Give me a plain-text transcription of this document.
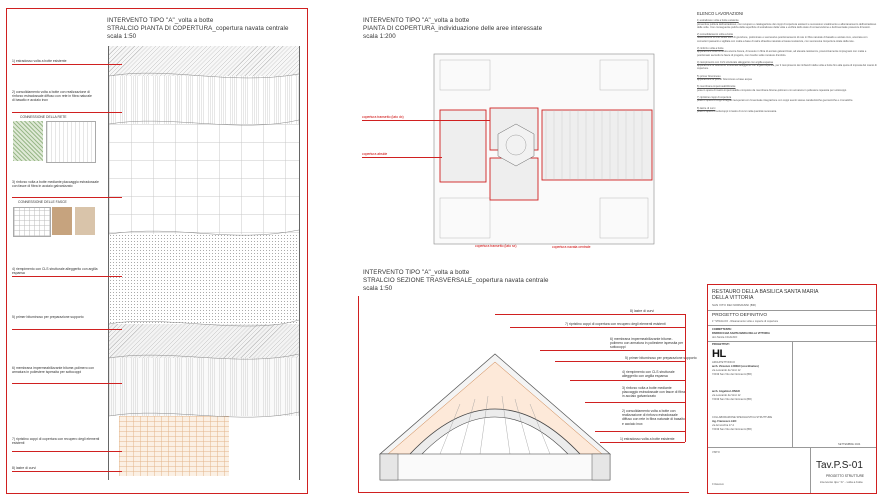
INTERVENTO TIPO "A"_volta a botte
STRALCIO PIANTA DI COPERTURA_copertura navata centrale
scala 1:50
1) estradosso volta a botte esistente
2) consolidamento volta a botte con realizzazione di rinforzo estradossale diffuso con rete in fibra naturale di basalto e acciaio inox
CONNESSIONE DELLA RETE
3) rinforzo volta a botte mediante placcaggio estradossale con fasce di fibra in acciaio galvanizzato
CONNESSIONE DELLE FASCE
4) riempimento con CLS strutturale alleggerito con argilla espansa
5) primer bituminoso per preparazione supporto
6) membrana impermeabilizzante bitume-polimero con armatura in poliestere ispessita per sottocoppi
7) ripristino coppi di copertura con recupero degli elementi esistenti
8) lastre di curvi
INTERVENTO TIPO "A"_volta a botte
PIANTA DI COPERTURA_individuazione delle aree interessate
scala 1:200
copertura transetto (lato dx)
copertura abside
copertura transetto (lato sx)	copertura navata centrale
INTERVENTO TIPO "A"_volta a botte
STRALCIO SEZIONE TRASVERSALE_copertura navata centrale
scala 1:50
8) lastre di curvi
7) ripristino coppi di copertura con recupero degli elementi esistenti
6) membrana impermeabilizzante bitume-polimero con armatura in poliestere ispessita per sottocoppi
5) primer bituminoso per preparazione supporto
4) riempimento con CLS strutturale alleggerito con argilla espansa
3) rinforzo volta a botte mediante placcaggio estradossale con fasce di fibra in acciaio galvanizzato
2) consolidamento volta a botte con realizzazione di rinforzo estradossale diffuso con rete in fibra naturale di basalto e acciaio inox
1) estradosso volta a botte esistente
ELENCO LAVORAZIONI
1) estradosso volta a botte esistente
preventiva pulitura dell'estradosso, con recupero e catalogazione dei coppi di copertura esistenti e successivo smaltimento e allontanamento dell'estradosso delle volte. Con conseguente pulizia della superficie di estradosso della volta e verifica dello stato di conservazione e dell'eventuale presenza di lesioni.
2) consolidamento volta a botte
realizzazione di uno strato fibro di giunzione, preliminare e successivo posizionamento di rete in fibra naturale di basalto e acciaio inox, ancorata con connettori passanti e sigillata con malta a base di calce idraulica naturale a bassa resistenza, con successiva ricopertura totale della rete.
3) rinforzo volta a botte
applicazione sulla struttura ancora fresca, di tessuto in fibra di acciaio galvanizzato, ad elevata resistenza, preventivamente impregnato con malta e posizionato secondo le fasce di progetto, con risvolto sulle murature d'ambito.
4) riempimento con CLS strutturale alleggerito con argilla espansa
applicazione di betoncino strutturale alleggerito con argilla espansa, per il riempimento dei rinfianchi della volta a botte fino alla quota di imposta del manto di copertura.
5) primer bituminoso
applicazione di primer bituminoso a base acqua
6) membrana impermeabilizzante
posa in opera di manto impermeabile composto da membrana bitume-polimero con armatura in poliestere ispessita per sottocoppi.
7) ripristino coppi di copertura
posa in opera di coppi integrati recuperati con l'eventuale integrazione con coppi aventi stesse caratteristiche geometriche e cromatiche.
8) lastre di curvi
posa in opera di sottocoppi in lastre di curvi nella quantità necessaria.
RESTAURO DELLA BASILICA SANTA MARIA DELLA VITTORIA
SAN VITO DEI NORMANNI (BR)
PROGETTO DEFINITIVO
1° STRALCIO - Risanamento volte e coperte di copertura
COMMITTENTE:
PARROCCHIA SANTA MARIA DELLA VITTORIA
don Nicola CICALINO
PROGETTISTI
HL
ARCHITETTONICO
arch. Vincenzo LONGO (coordinatore)
via Leonardo da Vinci 12
72019 San Vito dei Normanni (BR)
arch. Angelica LONGO
via Leonardo da Vinci 12
72019 San Vito dei Normanni (BR)
COLLABORAZIONE SPECIALISTICA STRUTTURE
ing. Francesco LEO
via Armocchia 17 A
72019 San Vito dei Normanni (BR)
SETTEMBRE 2024
VISTO
Il Vescovo
Tav.P.S-01
PROGETTO STRUTTURE
intervento tipo "A" - volta a botte
